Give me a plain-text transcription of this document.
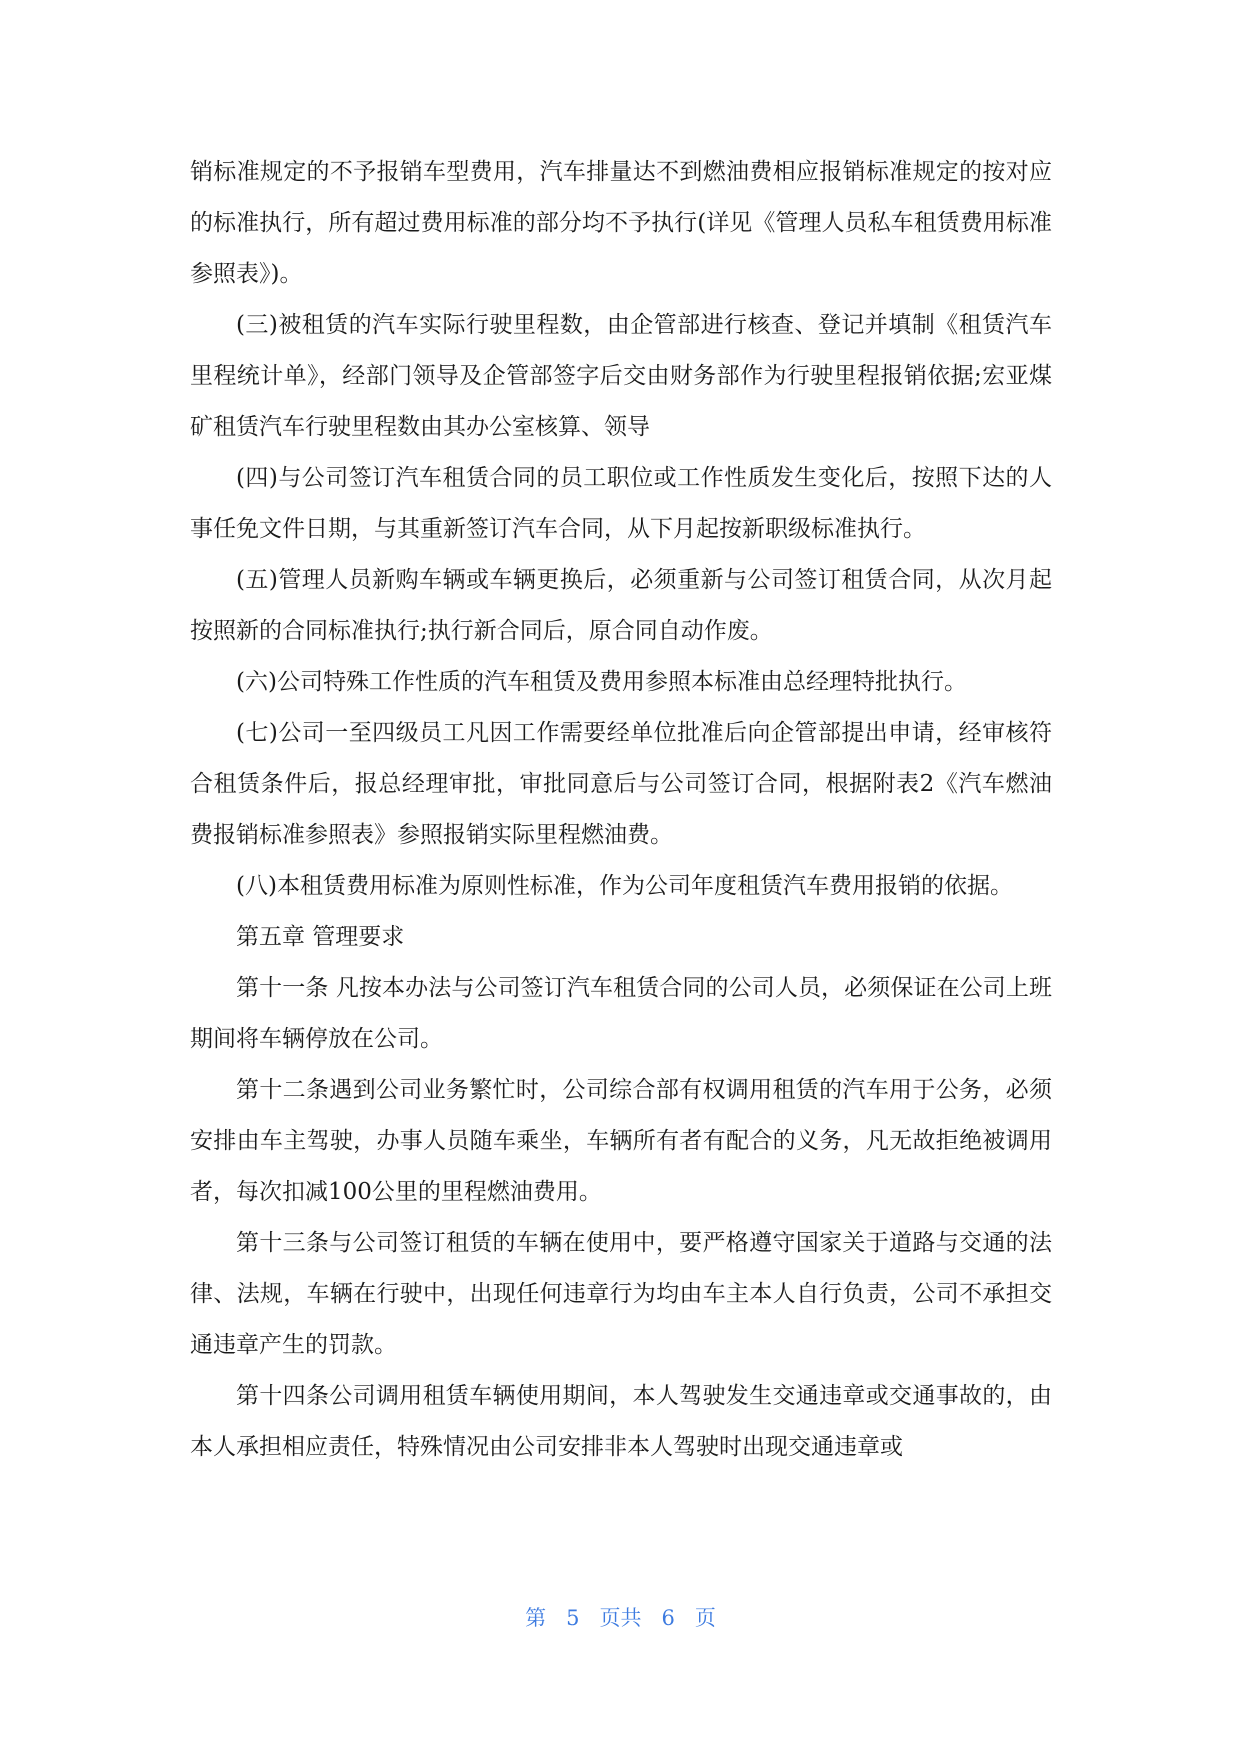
销标准规定的不予报销车型费用，汽车排量达不到燃油费相应报销标准规定的按对应的标准执行，所有超过费用标准的部分均不予执行(详见《管理人员私车租赁费用标准参照表》)。

(三)被租赁的汽车实际行驶里程数，由企管部进行核查、登记并填制《租赁汽车里程统计单》，经部门领导及企管部签字后交由财务部作为行驶里程报销依据;宏亚煤矿租赁汽车行驶里程数由其办公室核算、领导

(四)与公司签订汽车租赁合同的员工职位或工作性质发生变化后，按照下达的人事任免文件日期，与其重新签订汽车合同，从下月起按新职级标准执行。

(五)管理人员新购车辆或车辆更换后，必须重新与公司签订租赁合同，从次月起按照新的合同标准执行;执行新合同后，原合同自动作废。

(六)公司特殊工作性质的汽车租赁及费用参照本标准由总经理特批执行。

(七)公司一至四级员工凡因工作需要经单位批准后向企管部提出申请，经审核符合租赁条件后，报总经理审批，审批同意后与公司签订合同，根据附表2《汽车燃油费报销标准参照表》参照报销实际里程燃油费。

(八)本租赁费用标准为原则性标准，作为公司年度租赁汽车费用报销的依据。

第五章 管理要求

第十一条 凡按本办法与公司签订汽车租赁合同的公司人员，必须保证在公司上班期间将车辆停放在公司。

第十二条遇到公司业务繁忙时，公司综合部有权调用租赁的汽车用于公务，必须安排由车主驾驶，办事人员随车乘坐，车辆所有者有配合的义务，凡无故拒绝被调用者，每次扣减100公里的里程燃油费用。

第十三条与公司签订租赁的车辆在使用中，要严格遵守国家关于道路与交通的法律、法规，车辆在行驶中，出现任何违章行为均由车主本人自行负责，公司不承担交通违章产生的罚款。

第十四条公司调用租赁车辆使用期间，本人驾驶发生交通违章或交通事故的，由本人承担相应责任，特殊情况由公司安排非本人驾驶时出现交通违章或

第 5 页共 6 页
